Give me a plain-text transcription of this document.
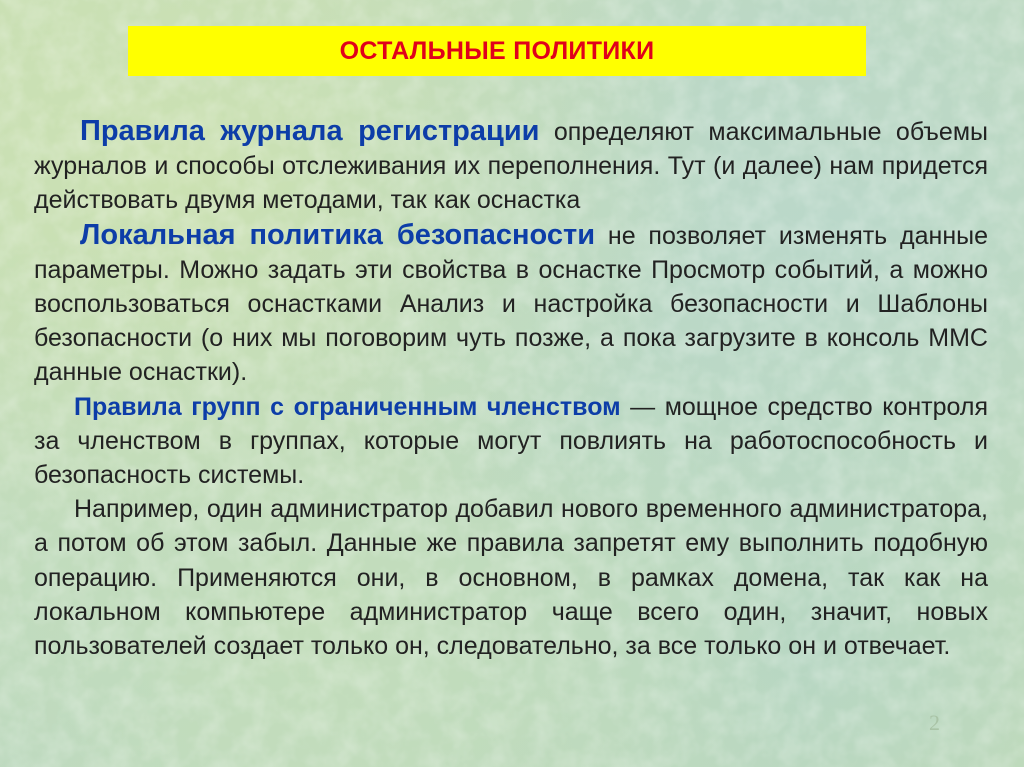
ОСТАЛЬНЫЕ ПОЛИТИКИ

Правила журнала регистрации определяют максимальные объемы журналов и способы отслеживания их переполнения. Тут (и далее) нам придется действовать двумя методами, так как оснастка

Локальная политика безопасности не позволяет изменять данные параметры. Можно задать эти свойства в оснастке Просмотр событий, а можно воспользоваться оснастками Анализ и настройка безопасности и Шаблоны безопасности (о них мы поговорим чуть позже, а пока загрузите в консоль ММС данные оснастки).

Правила групп с ограниченным членством — мощное средство контроля за членством в группах, которые могут повлиять на работоспособность и безопасность системы.

Например, один администратор добавил нового временного администратора, а потом об этом забыл. Данные же правила запретят ему выполнить подобную операцию. Применяются они, в основном, в рамках домена, так как на локальном компьютере администратор чаще всего один, значит, новых пользователей создает только он, следовательно, за все только он и отвечает.

2
